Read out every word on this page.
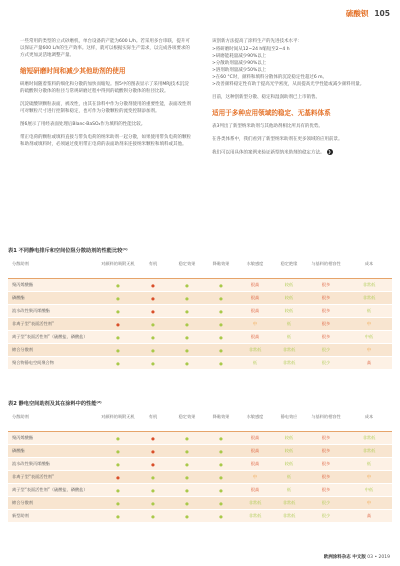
硫酸钡 105

一些常用的类型的立式砂磨机，单台设备的产能为600 L/h。若采用多台串联，提升可以保证产量600 L/h的生产效率。这样，就可以根据实际生产需求，以完成各项要求的方式更加灵活地调整产量。

缩短研磨时间和减少其他助剂的使用

研磨时间随着浆料的细化和分散的加快而缩短。图5中的图表显示了采用MRJ技术沉淀的硫酸钡分散体的粒径与常规研磨过程中得到的硫酸钡分散体的粒径比较。

沉淀硫酸钡颗粒表面，被改性，由其在涂料中作为分散剂使用的重要性能，表面改性剂可对颗粒尺寸进行控制和稳定，也可作为分散颗粒的流变控制添加剂。

图6展示了用经表面处理后Blanc-BaSO₄作为填料的性能比较。

带正电荷的颗粒或填料直接与带负电荷的纳米助剂一起分散，如果使用带负电荷的颗粒和助剂或填料时，必须通过使用带正电荷的表面助剂来连接纳米颗粒和填料或其他。

该创新方法提高了涂料生产的先进技术水平：

>将研磨时间从12~24 h缩短至2~4 h
>研磨能耗量减少90%以上
>分散助剂量减少90%以上
>溶剂助剂量减少50%以上
>在60 °C时，颜料和填料分散体的沉淀稳定性超过6 m。
>改善颜料稳定性有助于提高光学密度，从而提高光学性能或减少颜料用量。

目前，这种创新型分散、稳定和湿润助剂已上市销售。

适用于多种应用领域的稳定、无基料体系

表3列出了新型纳米助剂与其他助剂相比所具有的优势。

在各类体系中，我们看到了新型纳米助剂在更多领域的应用前景。

我们可以用具体的案例来验证新型纳米助剂的稳定方法。 ❯

表1 不同静电排斥和空间位阻分散助剂的性能比较⁽¹⁾
分散助剂	对颜料的吸附无机	有机	稳定效果	降黏效果	水敏感度	稳定绝缘	与基料的相容性	成本
聚丙烯酸酯	●	●	●	●	很高	较低	很多	非常低
磷酸酯	●	●	●	●	很高	较低	很多	非常低
流水改性聚丙烯酸酯	●	●	●	●	很高	较低	很多	低
非离子型“表面活性剂”	●	●	●	●	中	低	很多	中
离子型“表面活性剂”（硫酸盐、磷酸盐）	●	●	●	●	很高	低	很多	中低
缔合分散剂	●	●	●	●	非常低	非常低	很少	中
聚合物静电空间聚合物	●	●	●	●	低	非常低	很少	高
表2 静电空间助剂及其在涂料中的性能⁽²⁾
分散助剂	对颜料的吸附无机	有机	稳定效果	降黏效果	水敏感度	静电效应	与基料的相容性	成本
聚丙烯酸酯	●	●	●	●	很高	较低	很多	非常低
磷酸酯	●	●	●	●	很高	较低	很多	非常低
流水改性聚丙烯酸酯	●	●	●	●	很高	较低	很多	低
非离子型“表面活性剂”	●	●	●	●	中	低	很多	中
离子型“表面活性剂”（硫酸盐、磷酸盐）	●	●	●	●	很高	低	很多	中低
缔合分散剂	●	●	●	●	非常低	非常低	很少	中
新型助剂	●	●	●	●	非常低	非常低	很少	高
欧洲涂料杂志 中文版 03 • 2019
